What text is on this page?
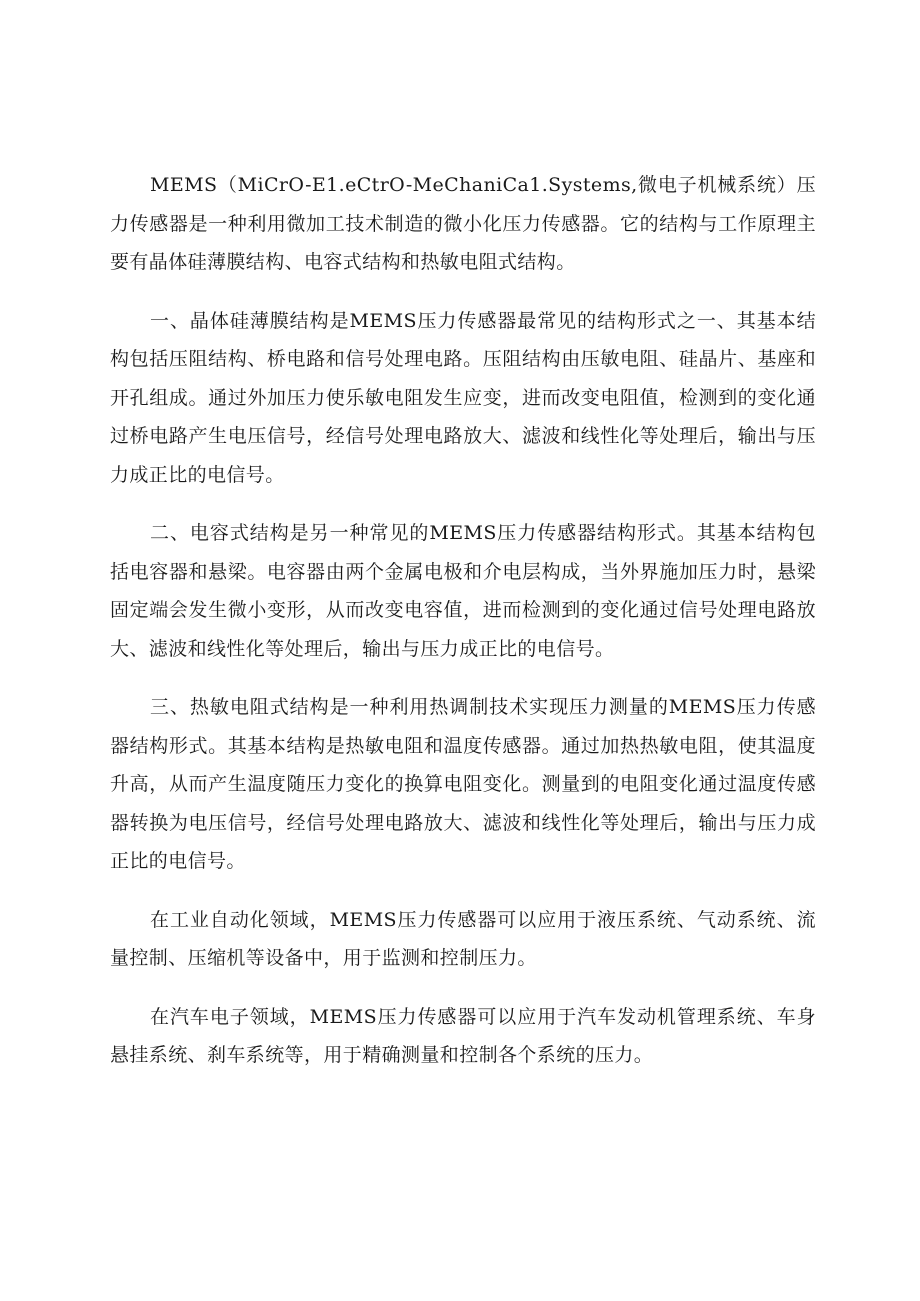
MEMS（MiCrO-E1.eCtrO-MeChaniCa1.Systems,微电子机械系统）压力传感器是一种利用微加工技术制造的微小化压力传感器。它的结构与工作原理主要有晶体硅薄膜结构、电容式结构和热敏电阻式结构。

一、晶体硅薄膜结构是MEMS压力传感器最常见的结构形式之一、其基本结构包括压阻结构、桥电路和信号处理电路。压阻结构由压敏电阻、硅晶片、基座和开孔组成。通过外加压力使乐敏电阻发生应变，进而改变电阻值，检测到的变化通过桥电路产生电压信号，经信号处理电路放大、滤波和线性化等处理后，输出与压力成正比的电信号。

二、电容式结构是另一种常见的MEMS压力传感器结构形式。其基本结构包括电容器和悬梁。电容器由两个金属电极和介电层构成，当外界施加压力时，悬梁固定端会发生微小变形，从而改变电容值，进而检测到的变化通过信号处理电路放大、滤波和线性化等处理后，输出与压力成正比的电信号。

三、热敏电阻式结构是一种利用热调制技术实现压力测量的MEMS压力传感器结构形式。其基本结构是热敏电阻和温度传感器。通过加热热敏电阻，使其温度升高，从而产生温度随压力变化的换算电阻变化。测量到的电阻变化通过温度传感器转换为电压信号，经信号处理电路放大、滤波和线性化等处理后，输出与压力成正比的电信号。

在工业自动化领域，MEMS压力传感器可以应用于液压系统、气动系统、流量控制、压缩机等设备中，用于监测和控制压力。

在汽车电子领域，MEMS压力传感器可以应用于汽车发动机管理系统、车身悬挂系统、刹车系统等，用于精确测量和控制各个系统的压力。
